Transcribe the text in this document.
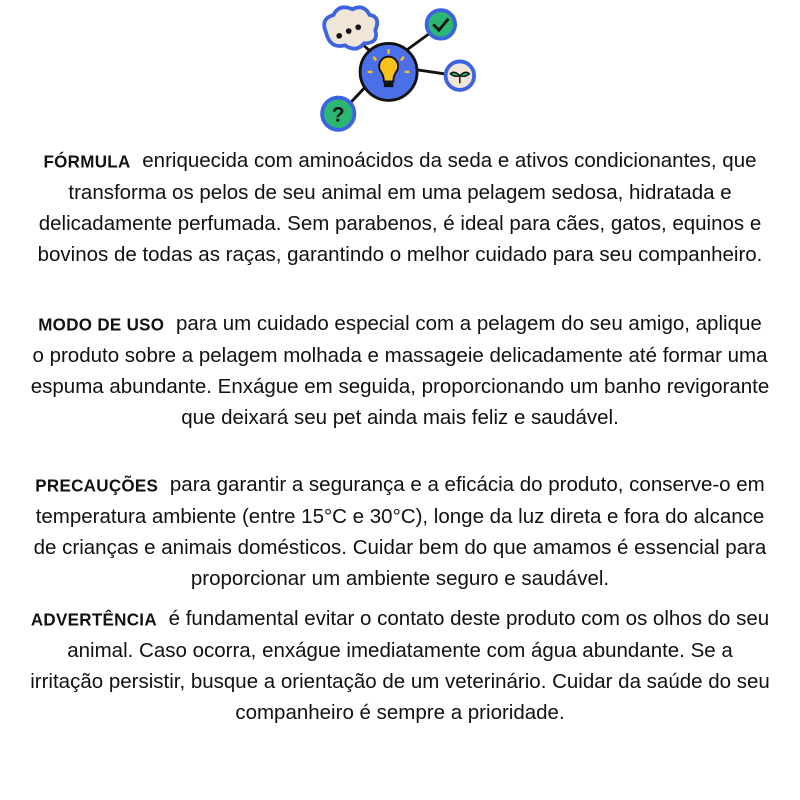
?

FÓRMULA enriquecida com aminoácidos da seda e ativos condicionantes, que transforma os pelos de seu animal em uma pelagem sedosa, hidratada e delicadamente perfumada. Sem parabenos, é ideal para cães, gatos, equinos e bovinos de todas as raças, garantindo o melhor cuidado para seu companheiro.

MODO DE USO para um cuidado especial com a pelagem do seu amigo, aplique o produto sobre a pelagem molhada e massageie delicadamente até formar uma espuma abundante. Enxágue em seguida, proporcionando um banho revigorante que deixará seu pet ainda mais feliz e saudável.

PRECAUÇÕES para garantir a segurança e a eficácia do produto, conserve-o em temperatura ambiente (entre 15°C e 30°C), longe da luz direta e fora do alcance de crianças e animais domésticos. Cuidar bem do que amamos é essencial para proporcionar um ambiente seguro e saudável.

ADVERTÊNCIA é fundamental evitar o contato deste produto com os olhos do seu animal. Caso ocorra, enxágue imediatamente com água abundante. Se a irritação persistir, busque a orientação de um veterinário. Cuidar da saúde do seu companheiro é sempre a prioridade.
